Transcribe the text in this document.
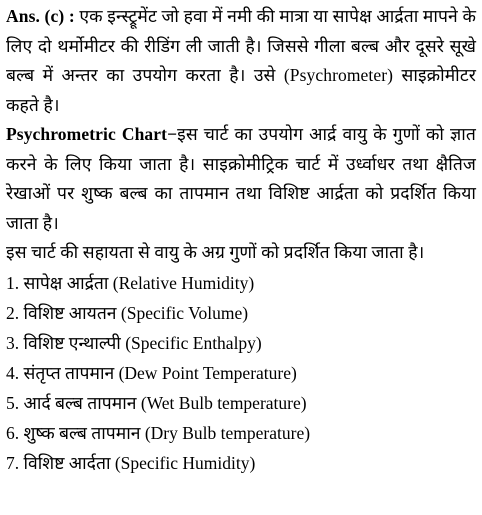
Ans. (c) : एक इन्स्ट्रूमेंट जो हवा में नमी की मात्रा या सापेक्ष आर्द्रता मापने के लिए दो थर्मोमीटर की रीडिंग ली जाती है। जिससे गीला बल्ब और दूसरे सूखे बल्ब में अन्तर का उपयोग करता है। उसे (Psychrometer) साइक्रोमीटर कहते है।

Psychrometric Chart−इस चार्ट का उपयोग आर्द्र वायु के गुणों को ज्ञात करने के लिए किया जाता है। साइक्रोमीट्रिक चार्ट में उर्ध्वाधर तथा क्षैतिज रेखाओं पर शुष्क बल्ब का तापमान तथा विशिष्ट आर्द्रता को प्रदर्शित किया जाता है।

इस चार्ट की सहायता से वायु के अग्र गुणों को प्रदर्शित किया जाता है।

1. सापेक्ष आर्द्रता (Relative Humidity)
2. विशिष्ट आयतन (Specific Volume)
3. विशिष्ट एन्थाल्पी (Specific Enthalpy)
4. संतृप्त तापमान (Dew Point Temperature)
5. आर्द बल्ब तापमान (Wet Bulb temperature)
6. शुष्क बल्ब तापमान (Dry Bulb temperature)
7. विशिष्ट आर्दता (Specific Humidity)
